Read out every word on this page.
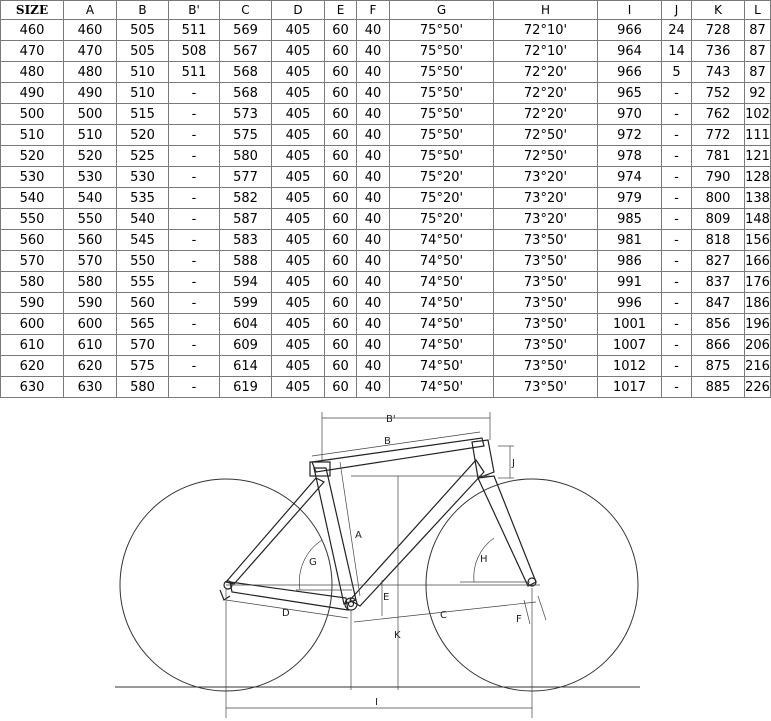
SIZE	A	B	B'	C	D	E	F	G	H	I	J	K	L
460	460	505	511	569	405	60	40	75°50'	72°10'	966	24	728	87
470	470	505	508	567	405	60	40	75°50'	72°10'	964	14	736	87
480	480	510	511	568	405	60	40	75°50'	72°20'	966	5	743	87
490	490	510	-	568	405	60	40	75°50'	72°20'	965	-	752	92
500	500	515	-	573	405	60	40	75°50'	72°20'	970	-	762	102
510	510	520	-	575	405	60	40	75°50'	72°50'	972	-	772	111
520	520	525	-	580	405	60	40	75°50'	72°50'	978	-	781	121
530	530	530	-	577	405	60	40	75°20'	73°20'	974	-	790	128
540	540	535	-	582	405	60	40	75°20'	73°20'	979	-	800	138
550	550	540	-	587	405	60	40	75°20'	73°20'	985	-	809	148
560	560	545	-	583	405	60	40	74°50'	73°50'	981	-	818	156
570	570	550	-	588	405	60	40	74°50'	73°50'	986	-	827	166
580	580	555	-	594	405	60	40	74°50'	73°50'	991	-	837	176
590	590	560	-	599	405	60	40	74°50'	73°50'	996	-	847	186
600	600	565	-	604	405	60	40	74°50'	73°50'	1001	-	856	196
610	610	570	-	609	405	60	40	74°50'	73°50'	1007	-	866	206
620	620	575	-	614	405	60	40	74°50'	73°50'	1012	-	875	216
630	630	580	-	619	405	60	40	74°50'	73°50'	1017	-	885	226
B'
B
J
A
G	H
E
D	C	F
K
I
